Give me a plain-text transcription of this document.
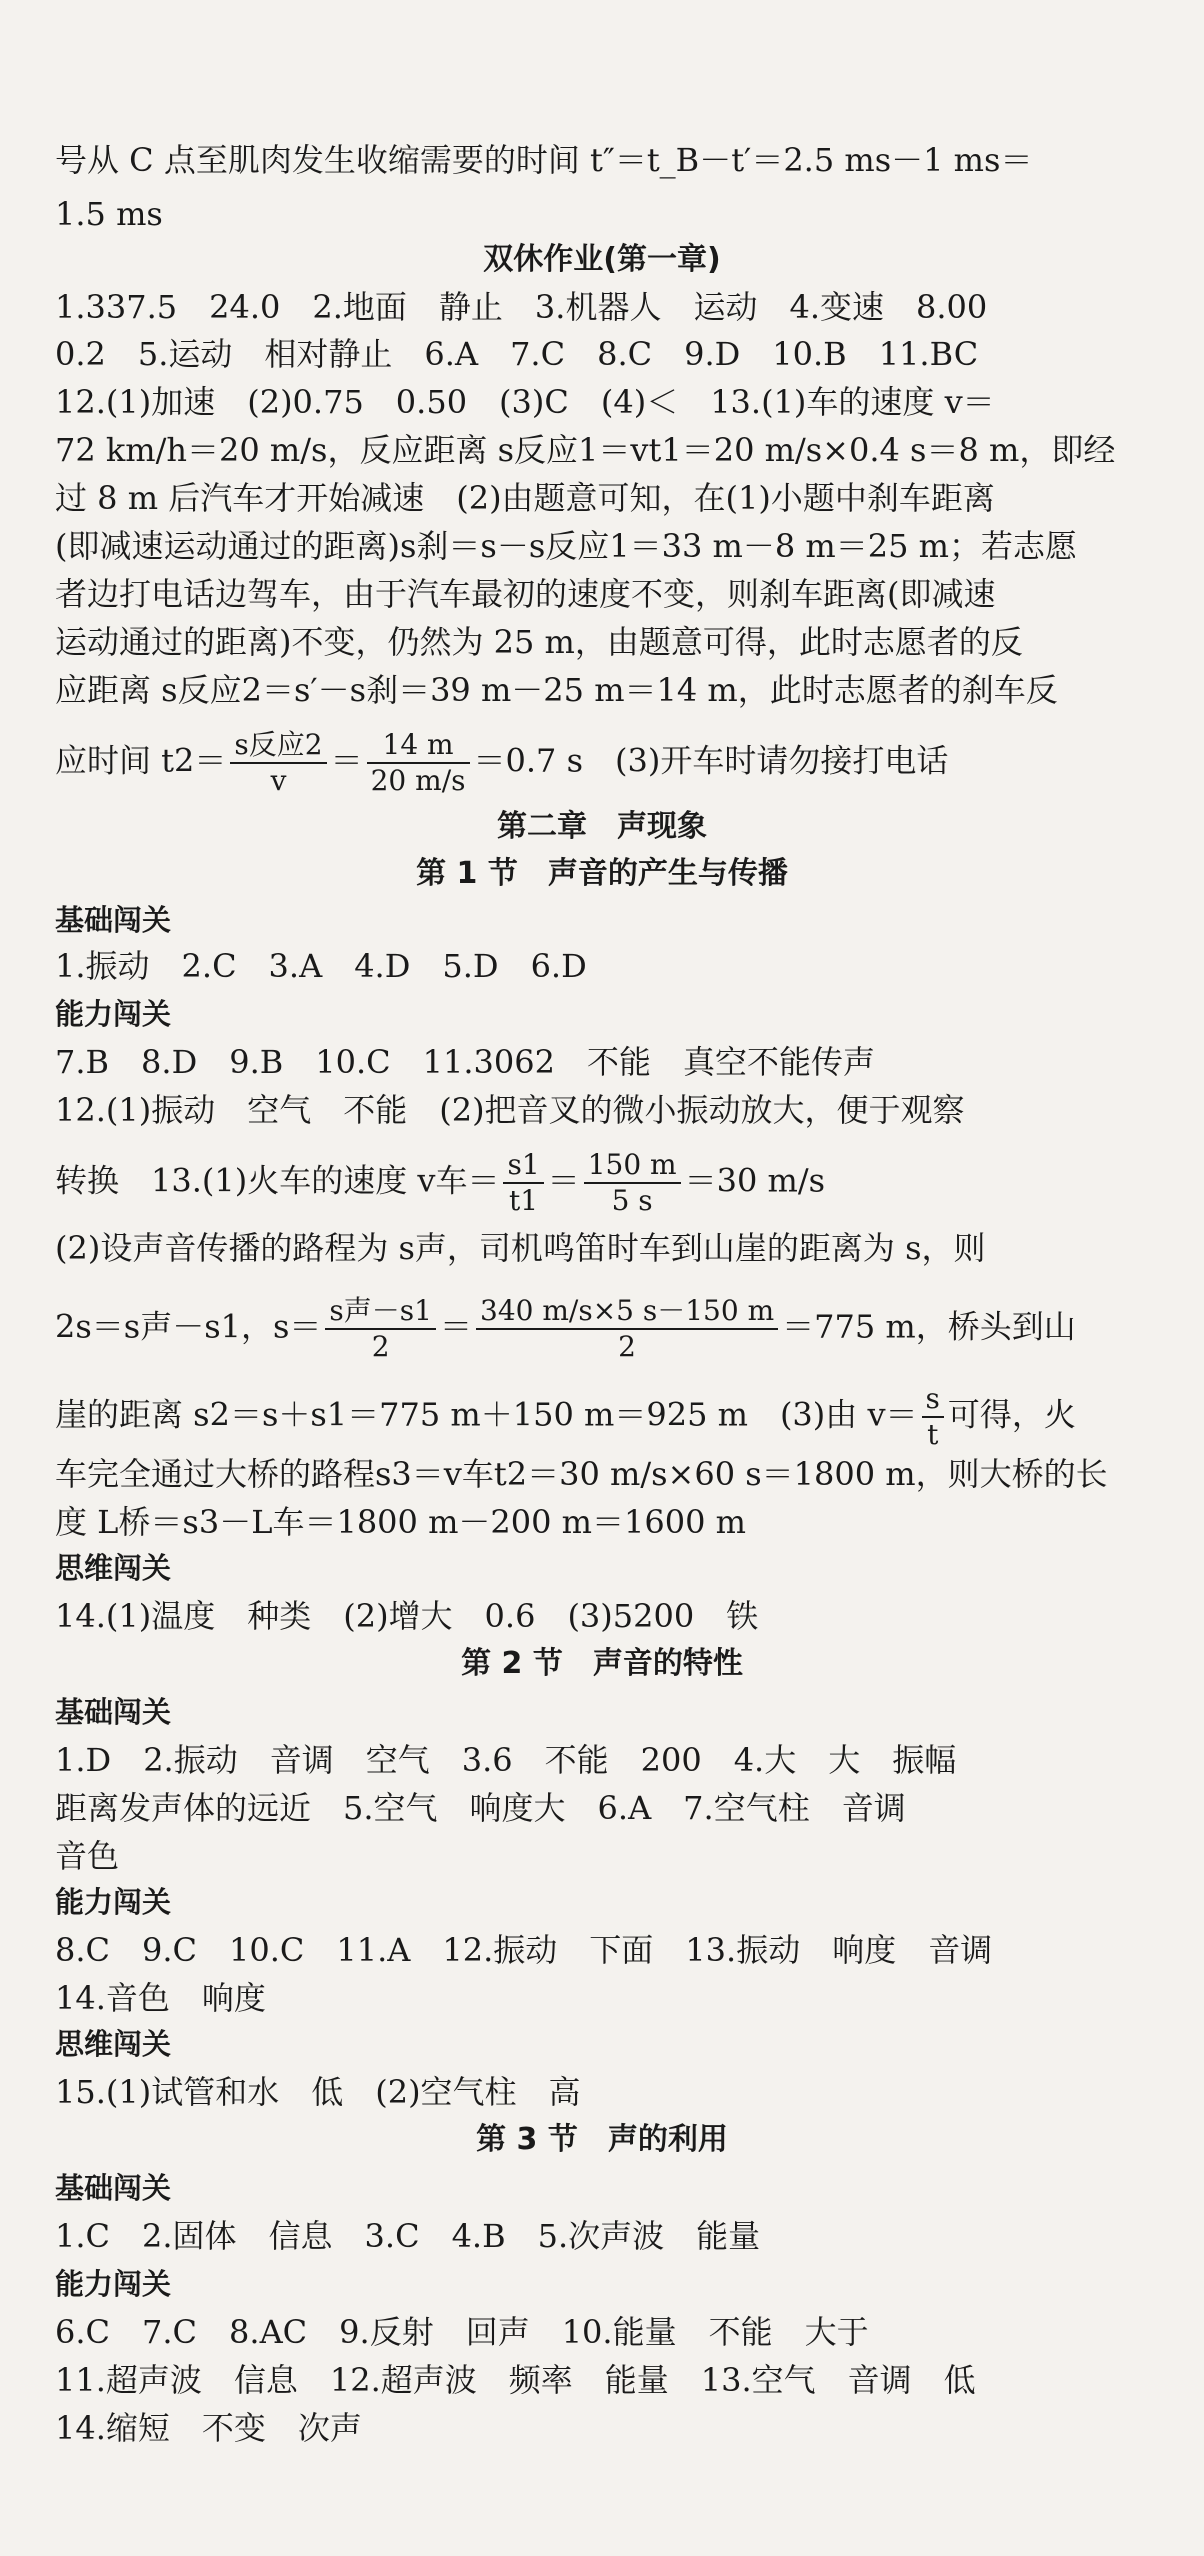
号从 C 点至肌肉发生收缩需要的时间 t″＝t_B－t′＝2.5 ms－1 ms＝
1.5 ms
双休作业(第一章)
1.337.5　24.0　2.地面　静止　3.机器人　运动　4.变速　8.00
0.2　5.运动　相对静止　6.A　7.C　8.C　9.D　10.B　11.BC
12.(1)加速　(2)0.75　0.50　(3)C　(4)＜　13.(1)车的速度 v＝
72 km/h＝20 m/s，反应距离 s反应1＝vt1＝20 m/s×0.4 s＝8 m，即经
过 8 m 后汽车才开始减速　(2)由题意可知，在(1)小题中刹车距离
(即减速运动通过的距离)s刹＝s－s反应1＝33 m－8 m＝25 m；若志愿
者边打电话边驾车，由于汽车最初的速度不变，则刹车距离(即减速
运动通过的距离)不变，仍然为 25 m，由题意可得，此时志愿者的反
应距离 s反应2＝s′－s刹＝39 m－25 m＝14 m，此时志愿者的刹车反
应时间 $t2= \frac{\text{s反应2}}{v} = \frac{14 m}{20 m/s} =0.7$ s　(3)开车时请勿接打电话
第二章　声现象
第 1 节　声音的产生与传播
基础闯关
1.振动　2.C　3.A　4.D　5.D　6.D
能力闯关
7.B　8.D　9.B　10.C　11.3062　不能　真空不能传声
12.(1)振动　空气　不能　(2)把音叉的微小振动放大，便于观察
转换　13.(1)火车的速度 v车＝ $\frac{s1}{t1} = \frac{150 m}{5 s} =30$ m/s
(2)设声音传播的路程为 s声，司机鸣笛时车到山崖的距离为 s，则
2s＝s声－s1，$s= \frac{\text{s声－s1}}{2} = \frac{340 m/s\times 5 s-150 m}{2} =775$ m，桥头到山
崖的距离 s2＝s＋s1＝775 m＋150 m＝925 m　(3)由 $v= \frac{s}{t}$ 可得，火
车完全通过大桥的路程s3＝v车t2＝30 m/s×60 s＝1800 m，则大桥的长
度 L桥＝s3－L车＝1800 m－200 m＝1600 m
思维闯关
14.(1)温度　种类　(2)增大　0.6　(3)5200　铁
第 2 节　声音的特性
基础闯关
1.D　2.振动　音调　空气　3.6　不能　200　4.大　大　振幅
距离发声体的远近　5.空气　响度大　6.A　7.空气柱　音调
音色
能力闯关
8.C　9.C　10.C　11.A　12.振动　下面　13.振动　响度　音调
14.音色　响度
思维闯关
15.(1)试管和水　低　(2)空气柱　高
第 3 节　声的利用
基础闯关
1.C　2.固体　信息　3.C　4.B　5.次声波　能量
能力闯关
6.C　7.C　8.AC　9.反射　回声　10.能量　不能　大于
11.超声波　信息　12.超声波　频率　能量　13.空气　音调　低
14.缩短　不变　次声
